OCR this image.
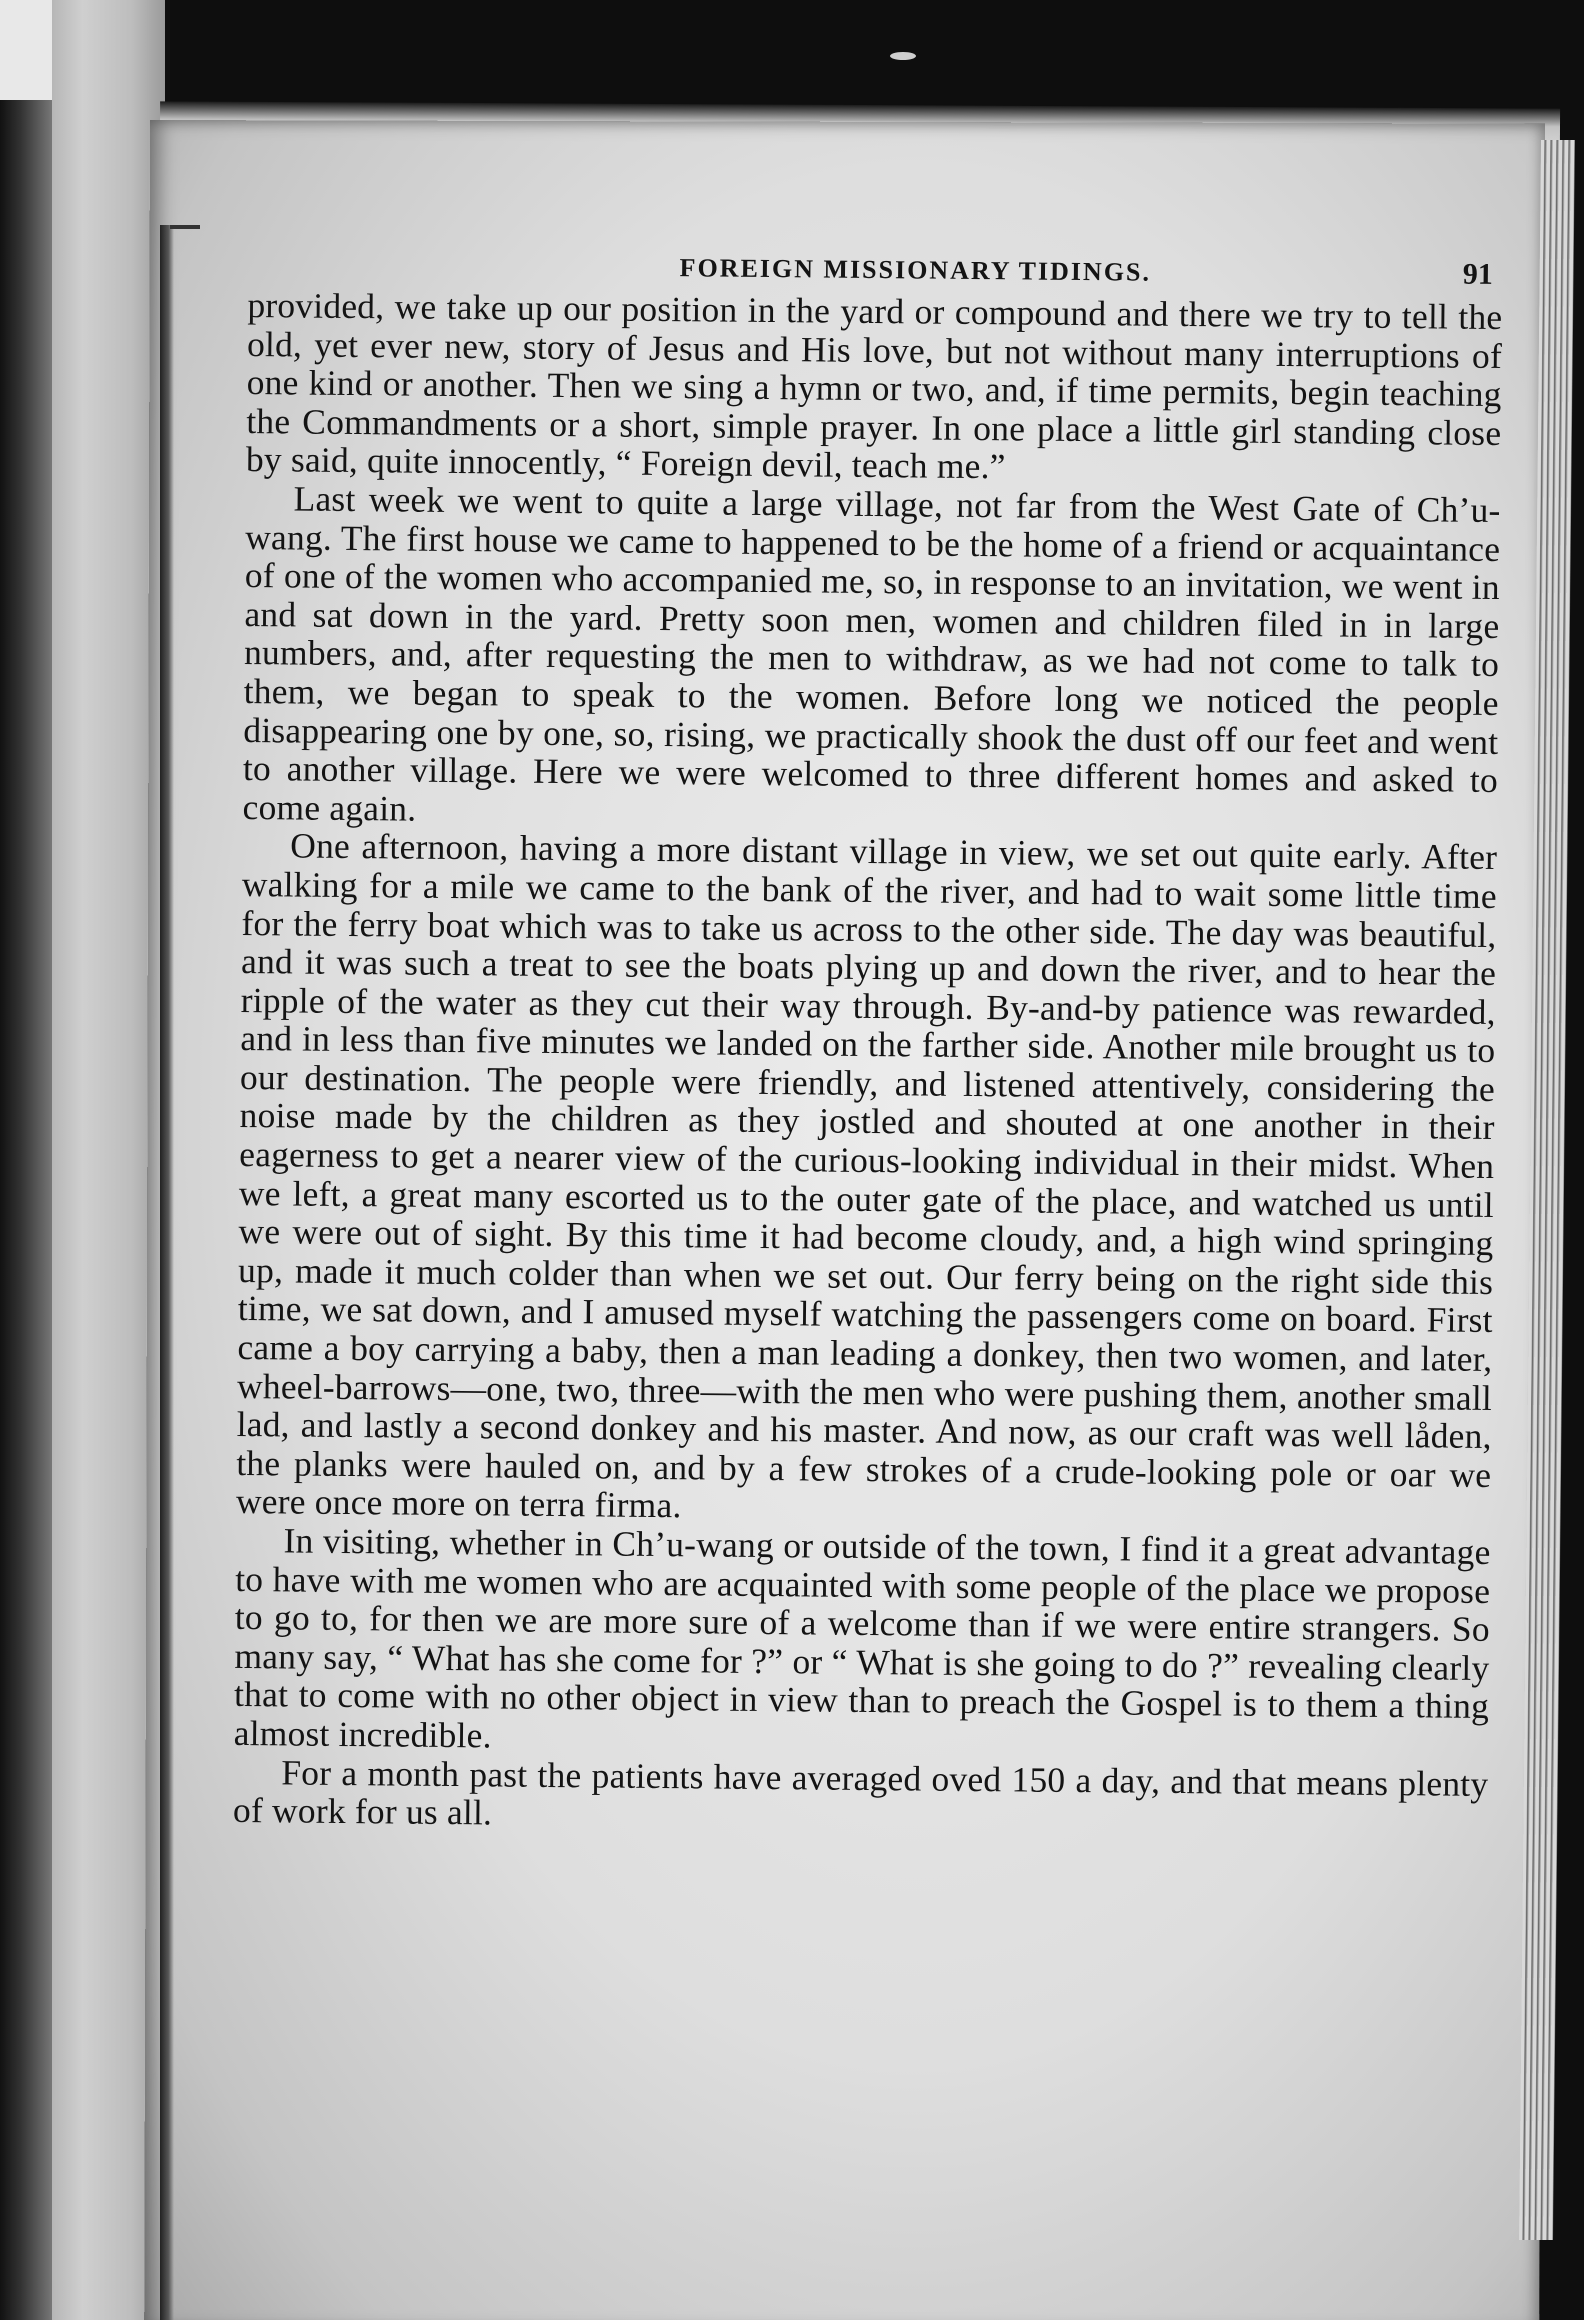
FOREIGN MISSIONARY TIDINGS.	91

provided, we take up our position in the yard or compound and there we try to tell the old, yet ever new, story of Jesus and His love, but not without many interruptions of one kind or another. Then we sing a hymn or two, and, if time permits, begin teaching the Commandments or a short, simple prayer. In one place a little girl standing close by said, quite innocently, “ Foreign devil, teach me.”

Last week we went to quite a large village, not far from the West Gate of Ch’u-wang. The first house we came to happened to be the home of a friend or acquaintance of one of the women who accompanied me, so, in response to an invitation, we went in and sat down in the yard. Pretty soon men, women and children filed in in large numbers, and, after requesting the men to withdraw, as we had not come to talk to them, we began to speak to the women. Before long we noticed the people disappearing one by one, so, rising, we practically shook the dust off our feet and went to another village. Here we were welcomed to three different homes and asked to come again.

One afternoon, having a more distant village in view, we set out quite early. After walking for a mile we came to the bank of the river, and had to wait some little time for the ferry boat which was to take us across to the other side. The day was beautiful, and it was such a treat to see the boats plying up and down the river, and to hear the ripple of the water as they cut their way through. By-and-by patience was rewarded, and in less than five minutes we landed on the farther side. Another mile brought us to our destination. The people were friendly, and listened attentively, considering the noise made by the children as they jostled and shouted at one another in their eagerness to get a nearer view of the curious-looking individual in their midst. When we left, a great many escorted us to the outer gate of the place, and watched us until we were out of sight. By this time it had become cloudy, and, a high wind springing up, made it much colder than when we set out. Our ferry being on the right side this time, we sat down, and I amused myself watching the passengers come on board. First came a boy carrying a baby, then a man leading a donkey, then two women, and later, wheel-barrows—one, two, three—with the men who were pushing them, another small lad, and lastly a second donkey and his master. And now, as our craft was well låden, the planks were hauled on, and by a few strokes of a crude-looking pole or oar we were once more on terra firma.

In visiting, whether in Ch’u-wang or outside of the town, I find it a great advantage to have with me women who are acquainted with some people of the place we propose to go to, for then we are more sure of a welcome than if we were entire strangers. So many say, “ What has she come for ?” or “ What is she going to do ?” revealing clearly that to come with no other object in view than to preach the Gospel is to them a thing almost incredible.

For a month past the patients have averaged oved 150 a day, and that means plenty of work for us all.
